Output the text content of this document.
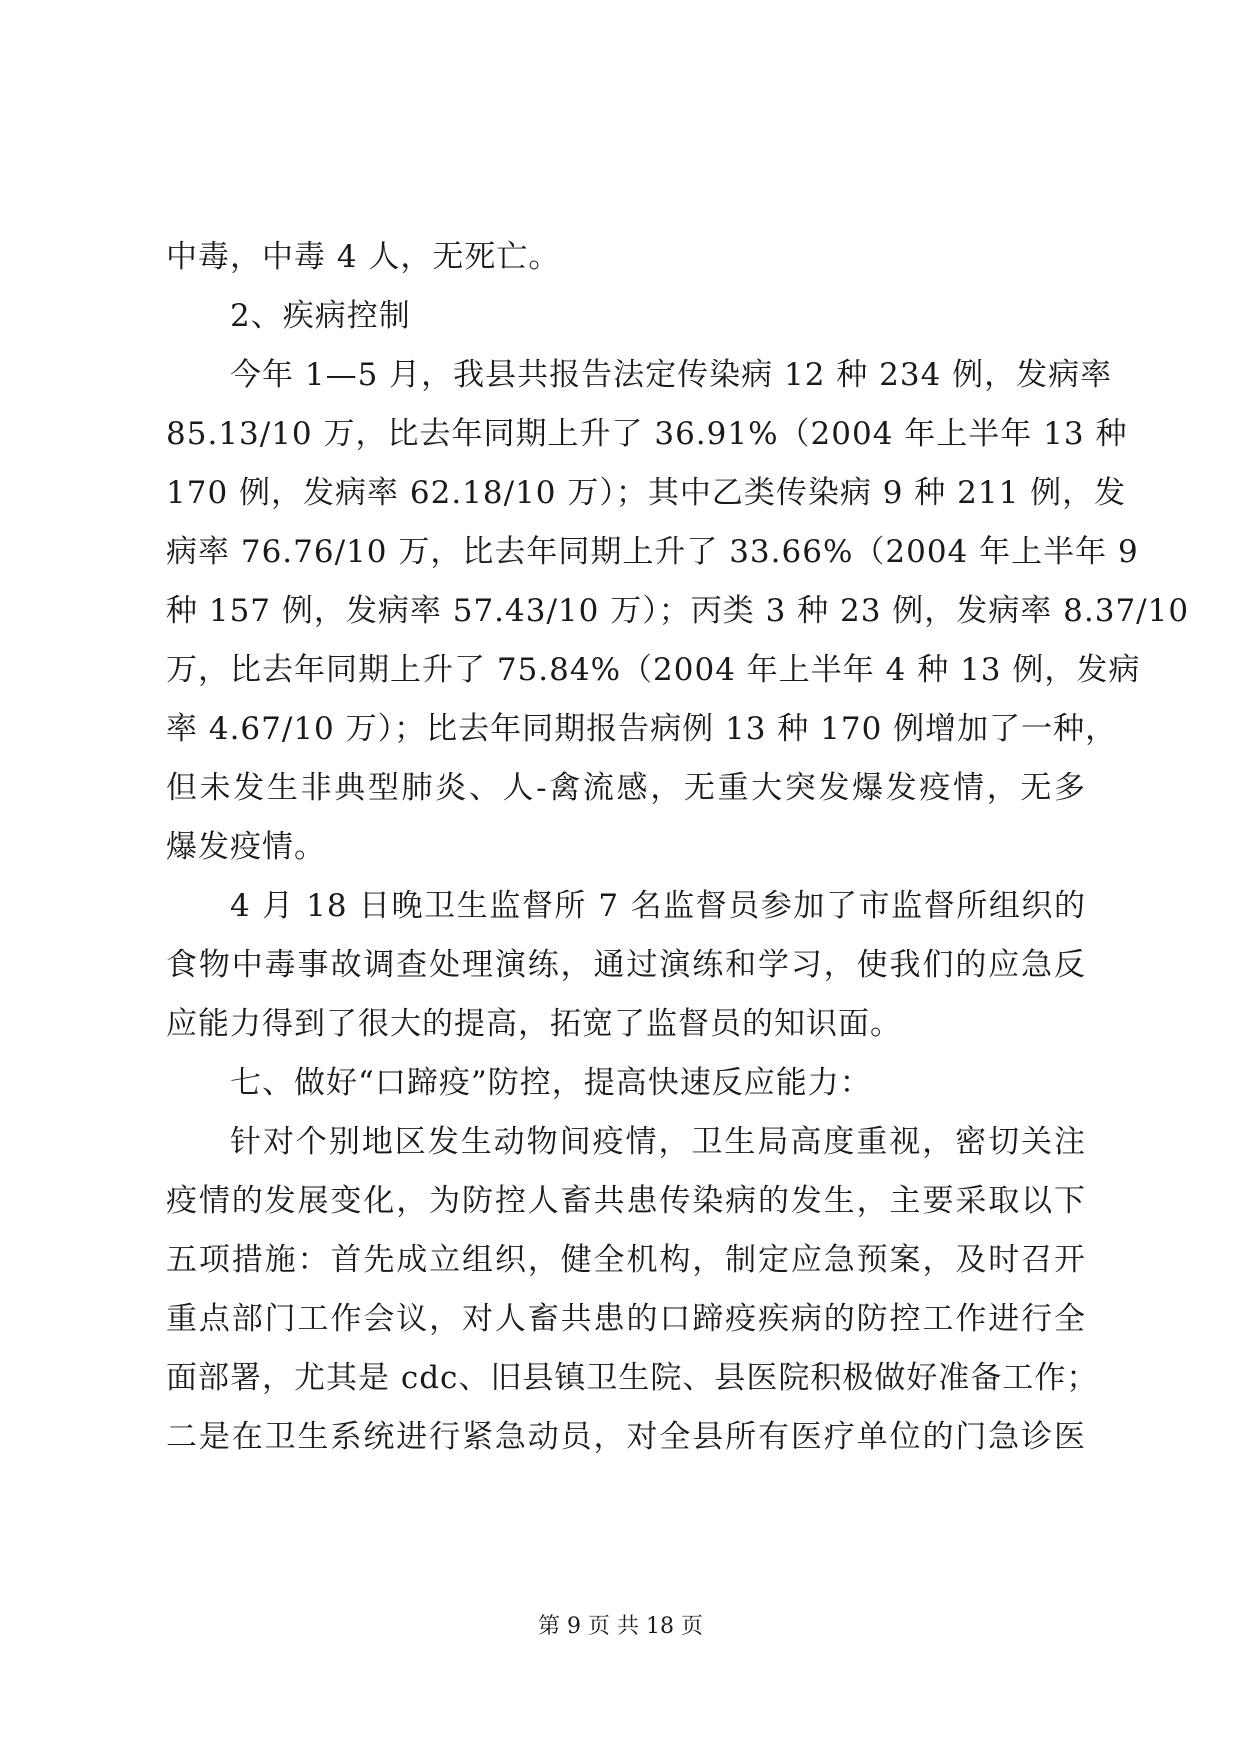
中毒，中毒 4 人，无死亡。
2、疾病控制
今年 1—5 月，我县共报告法定传染病 12 种 234 例，发病率
85.13/10 万，比去年同期上升了 36.91%（2004 年上半年 13 种
170 例，发病率 62.18/10 万）；其中乙类传染病 9 种 211 例，发
病率 76.76/10 万，比去年同期上升了 33.66%（2004 年上半年 9
种 157 例，发病率 57.43/10 万）；丙类 3 种 23 例，发病率 8.37/10
万，比去年同期上升了 75.84%（2004 年上半年 4 种 13 例，发病
率 4.67/10 万）；比去年同期报告病例 13 种 170 例增加了一种，
但未发生非典型肺炎、人-禽流感，无重大突发爆发疫情，无多
爆发疫情。
4 月 18 日晚卫生监督所 7 名监督员参加了市监督所组织的
食物中毒事故调查处理演练，通过演练和学习，使我们的应急反
应能力得到了很大的提高，拓宽了监督员的知识面。
七、做好“口蹄疫”防控，提高快速反应能力：
针对个别地区发生动物间疫情，卫生局高度重视，密切关注
疫情的发展变化，为防控人畜共患传染病的发生，主要采取以下
五项措施：首先成立组织，健全机构，制定应急预案，及时召开
重点部门工作会议，对人畜共患的口蹄疫疾病的防控工作进行全
面部署，尤其是 cdc、旧县镇卫生院、县医院积极做好准备工作；
二是在卫生系统进行紧急动员，对全县所有医疗单位的门急诊医
第 9 页 共 18 页
